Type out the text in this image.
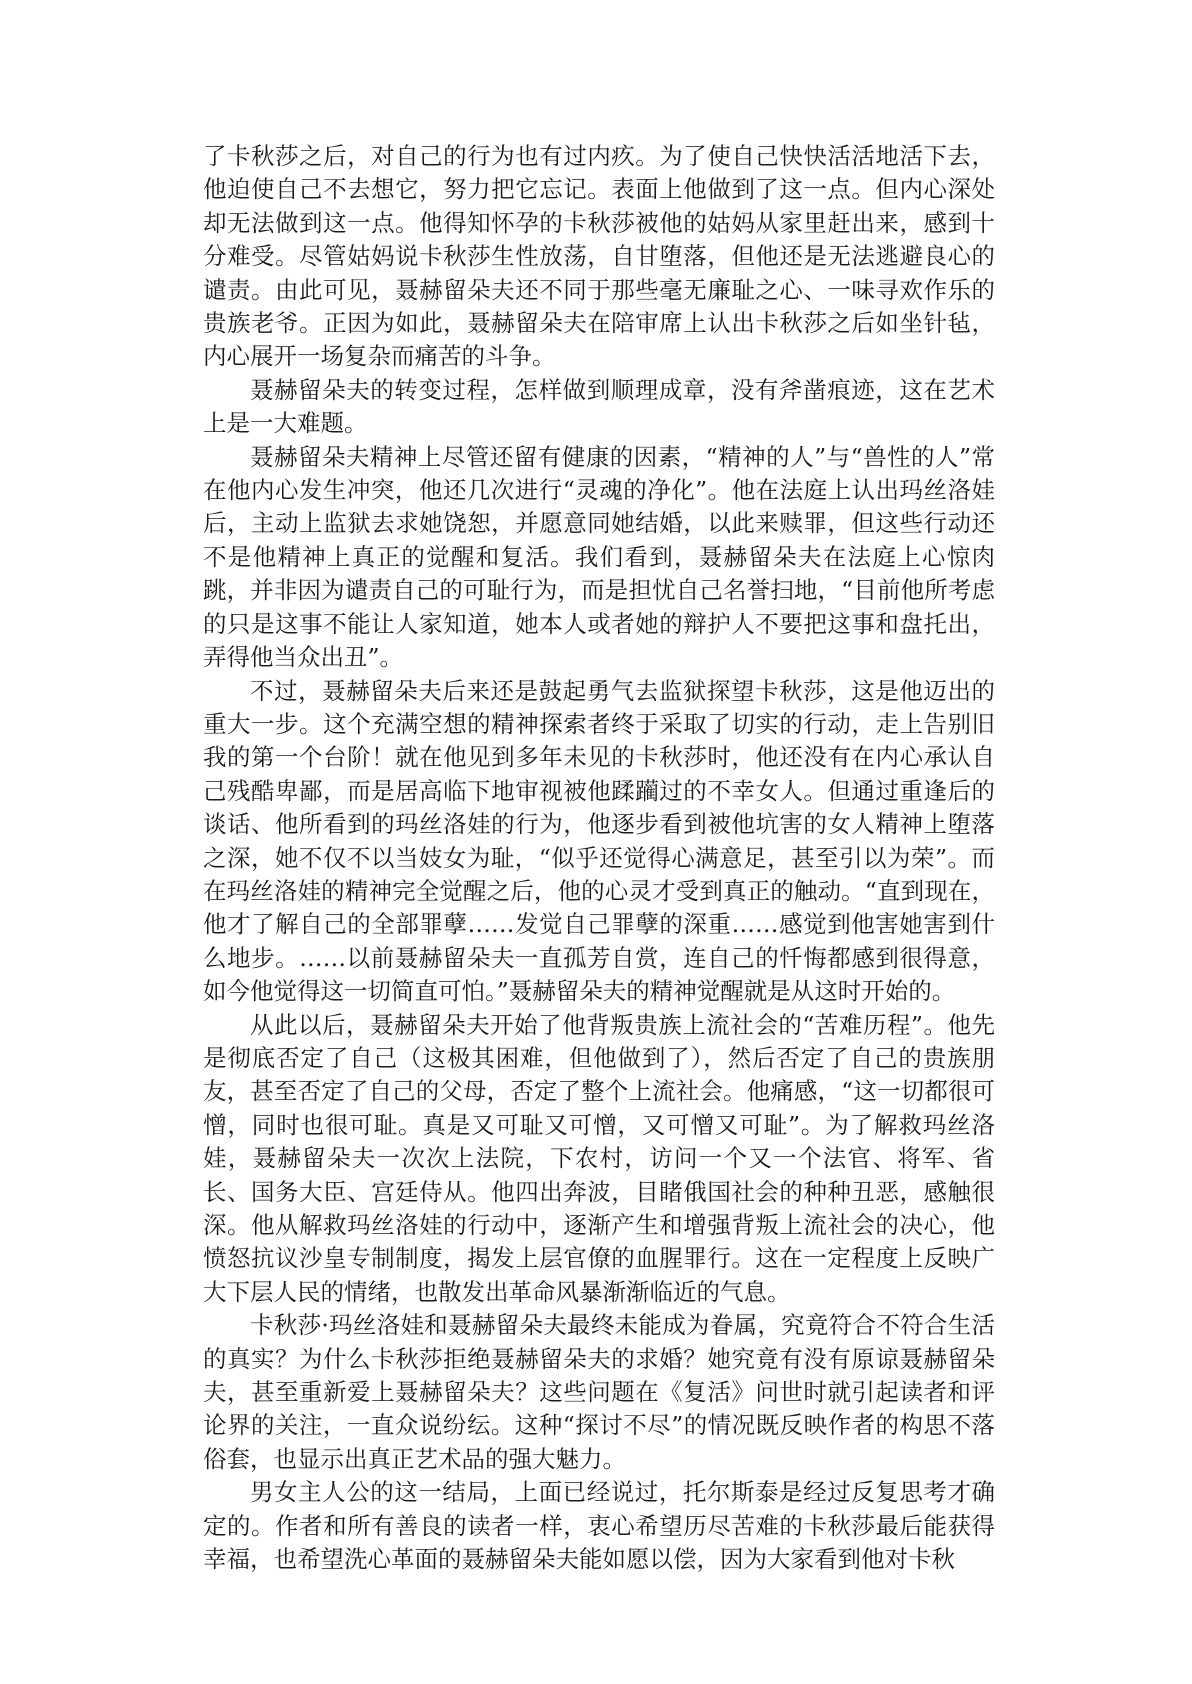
了卡秋莎之后，对自己的行为也有过内疚。为了使自己快快活活地活下去，他迫使自己不去想它，努力把它忘记。表面上他做到了这一点。但内心深处却无法做到这一点。他得知怀孕的卡秋莎被他的姑妈从家里赶出来，感到十分难受。尽管姑妈说卡秋莎生性放荡，自甘堕落，但他还是无法逃避良心的谴责。由此可见，聂赫留朵夫还不同于那些毫无廉耻之心、一味寻欢作乐的贵族老爷。正因为如此，聂赫留朵夫在陪审席上认出卡秋莎之后如坐针毡，内心展开一场复杂而痛苦的斗争。

聂赫留朵夫的转变过程，怎样做到顺理成章，没有斧凿痕迹，这在艺术上是一大难题。

聂赫留朵夫精神上尽管还留有健康的因素，“精神的人”与“兽性的人”常在他内心发生冲突，他还几次进行“灵魂的净化”。他在法庭上认出玛丝洛娃后，主动上监狱去求她饶恕，并愿意同她结婚，以此来赎罪，但这些行动还不是他精神上真正的觉醒和复活。我们看到，聂赫留朵夫在法庭上心惊肉跳，并非因为谴责自己的可耻行为，而是担忧自己名誉扫地，“目前他所考虑的只是这事不能让人家知道，她本人或者她的辩护人不要把这事和盘托出，弄得他当众出丑”。

不过，聂赫留朵夫后来还是鼓起勇气去监狱探望卡秋莎，这是他迈出的重大一步。这个充满空想的精神探索者终于采取了切实的行动，走上告别旧我的第一个台阶！就在他见到多年未见的卡秋莎时，他还没有在内心承认自己残酷卑鄙，而是居高临下地审视被他蹂躏过的不幸女人。但通过重逢后的谈话、他所看到的玛丝洛娃的行为，他逐步看到被他坑害的女人精神上堕落之深，她不仅不以当妓女为耻，“似乎还觉得心满意足，甚至引以为荣”。而在玛丝洛娃的精神完全觉醒之后，他的心灵才受到真正的触动。“直到现在，他才了解自己的全部罪孽……发觉自己罪孽的深重……感觉到他害她害到什么地步。……以前聂赫留朵夫一直孤芳自赏，连自己的忏悔都感到很得意，如今他觉得这一切简直可怕。”聂赫留朵夫的精神觉醒就是从这时开始的。

从此以后，聂赫留朵夫开始了他背叛贵族上流社会的“苦难历程”。他先是彻底否定了自己（这极其困难，但他做到了），然后否定了自己的贵族朋友，甚至否定了自己的父母，否定了整个上流社会。他痛感，“这一切都很可憎，同时也很可耻。真是又可耻又可憎，又可憎又可耻”。为了解救玛丝洛娃，聂赫留朵夫一次次上法院，下农村，访问一个又一个法官、将军、省长、国务大臣、宫廷侍从。他四出奔波，目睹俄国社会的种种丑恶，感触很深。他从解救玛丝洛娃的行动中，逐渐产生和增强背叛上流社会的决心，他愤怒抗议沙皇专制制度，揭发上层官僚的血腥罪行。这在一定程度上反映广大下层人民的情绪，也散发出革命风暴渐渐临近的气息。

卡秋莎·玛丝洛娃和聂赫留朵夫最终未能成为眷属，究竟符合不符合生活的真实？为什么卡秋莎拒绝聂赫留朵夫的求婚？她究竟有没有原谅聂赫留朵夫，甚至重新爱上聂赫留朵夫？这些问题在《复活》问世时就引起读者和评论界的关注，一直众说纷纭。这种“探讨不尽”的情况既反映作者的构思不落俗套，也显示出真正艺术品的强大魅力。

男女主人公的这一结局，上面已经说过，托尔斯泰是经过反复思考才确定的。作者和所有善良的读者一样，衷心希望历尽苦难的卡秋莎最后能获得幸福，也希望洗心革面的聂赫留朵夫能如愿以偿，因为大家看到他对卡秋
